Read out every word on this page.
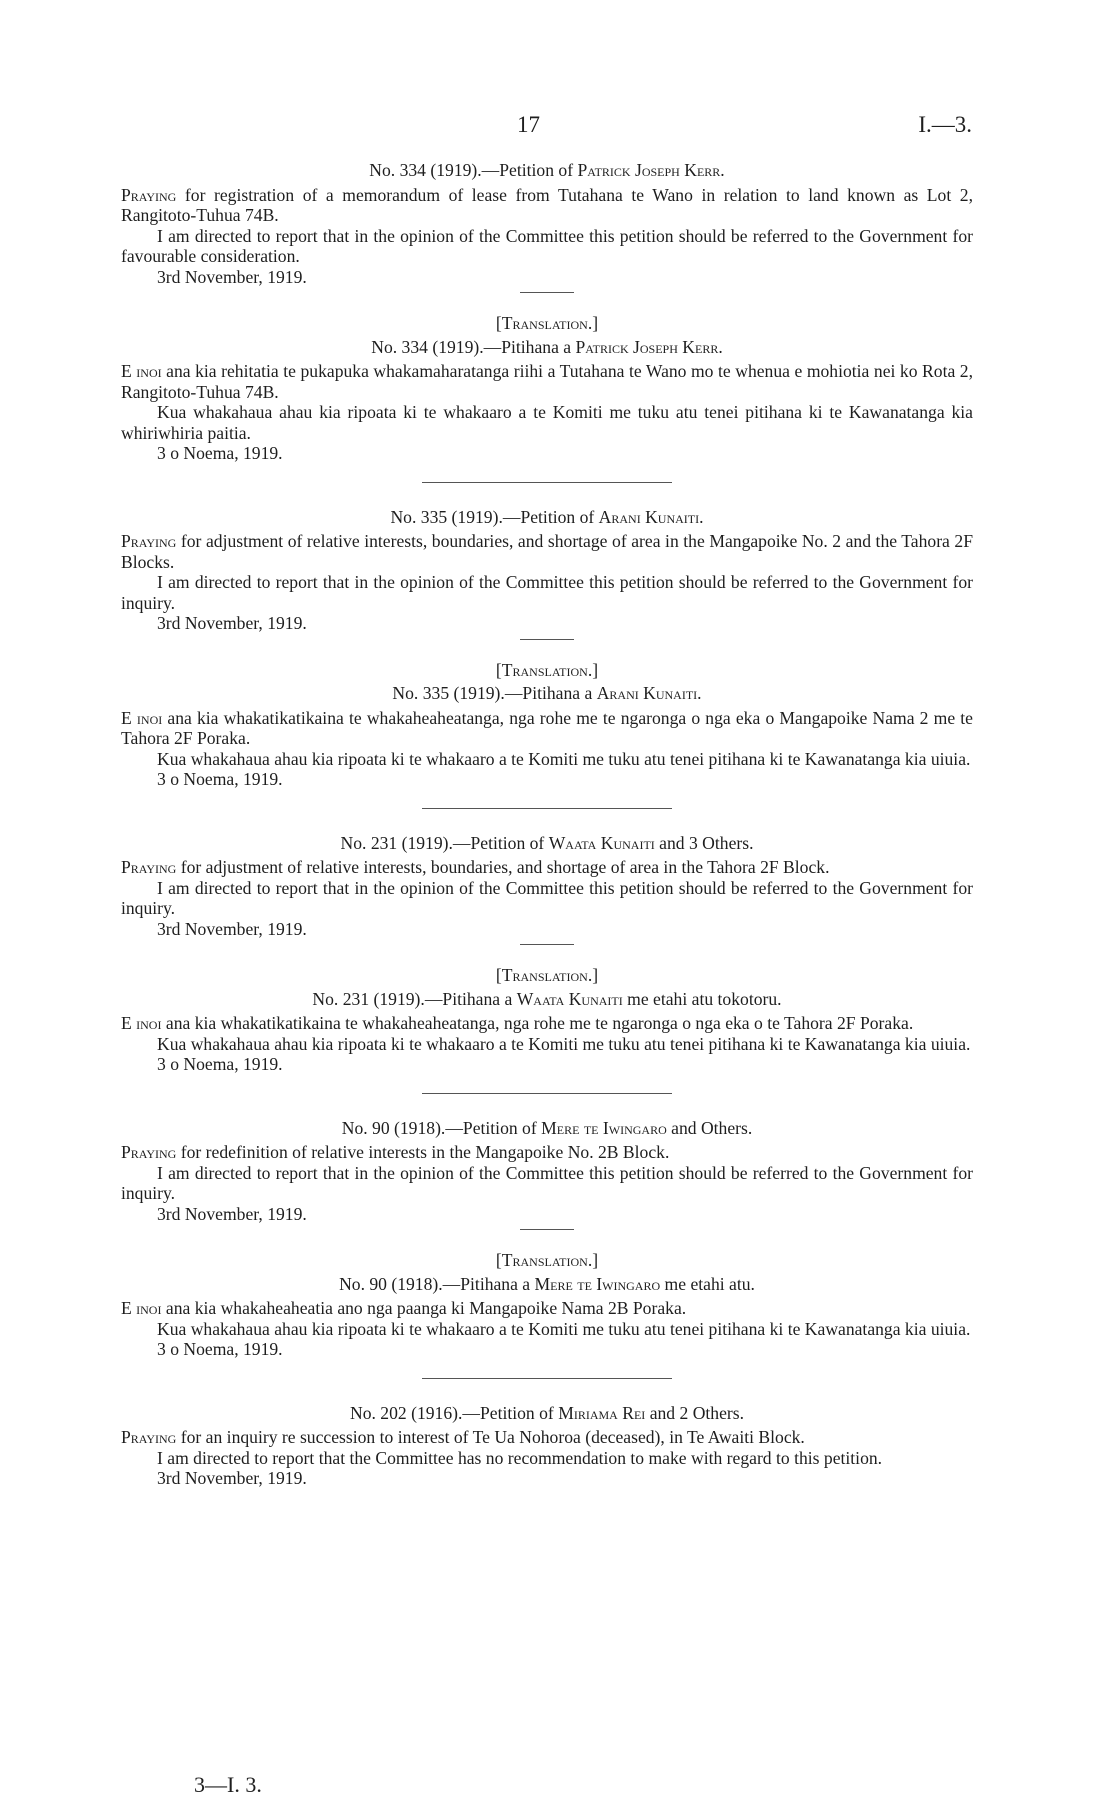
17	I.—3.

No. 334 (1919).—Petition of Patrick Joseph Kerr.

Praying for registration of a memorandum of lease from Tutahana te Wano in relation to land known as Lot 2, Rangitoto-Tuhua 74B.

I am directed to report that in the opinion of the Committee this petition should be referred to the Government for favourable consideration.

3rd November, 1919.

[Translation.]

No. 334 (1919).—Pitihana a Patrick Joseph Kerr.

E inoi ana kia rehitatia te pukapuka whakamaharatanga riihi a Tutahana te Wano mo te whenua e mohiotia nei ko Rota 2, Rangitoto-Tuhua 74B.

Kua whakahaua ahau kia ripoata ki te whakaaro a te Komiti me tuku atu tenei pitihana ki te Kawanatanga kia whiriwhiria paitia.

3 o Noema, 1919.

No. 335 (1919).—Petition of Arani Kunaiti.

Praying for adjustment of relative interests, boundaries, and shortage of area in the Mangapoike No. 2 and the Tahora 2F Blocks.

I am directed to report that in the opinion of the Committee this petition should be referred to the Government for inquiry.

3rd November, 1919.

[Translation.]

No. 335 (1919).—Pitihana a Arani Kunaiti.

E inoi ana kia whakatikatikaina te whakaheaheatanga, nga rohe me te ngaronga o nga eka o Mangapoike Nama 2 me te Tahora 2F Poraka.

Kua whakahaua ahau kia ripoata ki te whakaaro a te Komiti me tuku atu tenei pitihana ki te Kawanatanga kia uiuia.

3 o Noema, 1919.

No. 231 (1919).—Petition of Waata Kunaiti and 3 Others.

Praying for adjustment of relative interests, boundaries, and shortage of area in the Tahora 2F Block.

I am directed to report that in the opinion of the Committee this petition should be referred to the Government for inquiry.

3rd November, 1919.

[Translation.]

No. 231 (1919).—Pitihana a Waata Kunaiti me etahi atu tokotoru.

E inoi ana kia whakatikatikaina te whakaheaheatanga, nga rohe me te ngaronga o nga eka o te Tahora 2F Poraka.

Kua whakahaua ahau kia ripoata ki te whakaaro a te Komiti me tuku atu tenei pitihana ki te Kawanatanga kia uiuia.

3 o Noema, 1919.

No. 90 (1918).—Petition of Mere te Iwingaro and Others.

Praying for redefinition of relative interests in the Mangapoike No. 2B Block.

I am directed to report that in the opinion of the Committee this petition should be referred to the Government for inquiry.

3rd November, 1919.

[Translation.]

No. 90 (1918).—Pitihana a Mere te Iwingaro me etahi atu.

E inoi ana kia whakaheaheatia ano nga paanga ki Mangapoike Nama 2B Poraka.

Kua whakahaua ahau kia ripoata ki te whakaaro a te Komiti me tuku atu tenei pitihana ki te Kawanatanga kia uiuia.

3 o Noema, 1919.

No. 202 (1916).—Petition of Miriama Rei and 2 Others.

Praying for an inquiry re succession to interest of Te Ua Nohoroa (deceased), in Te Awaiti Block.

I am directed to report that the Committee has no recommendation to make with regard to this petition.

3rd November, 1919.

3—I. 3.
